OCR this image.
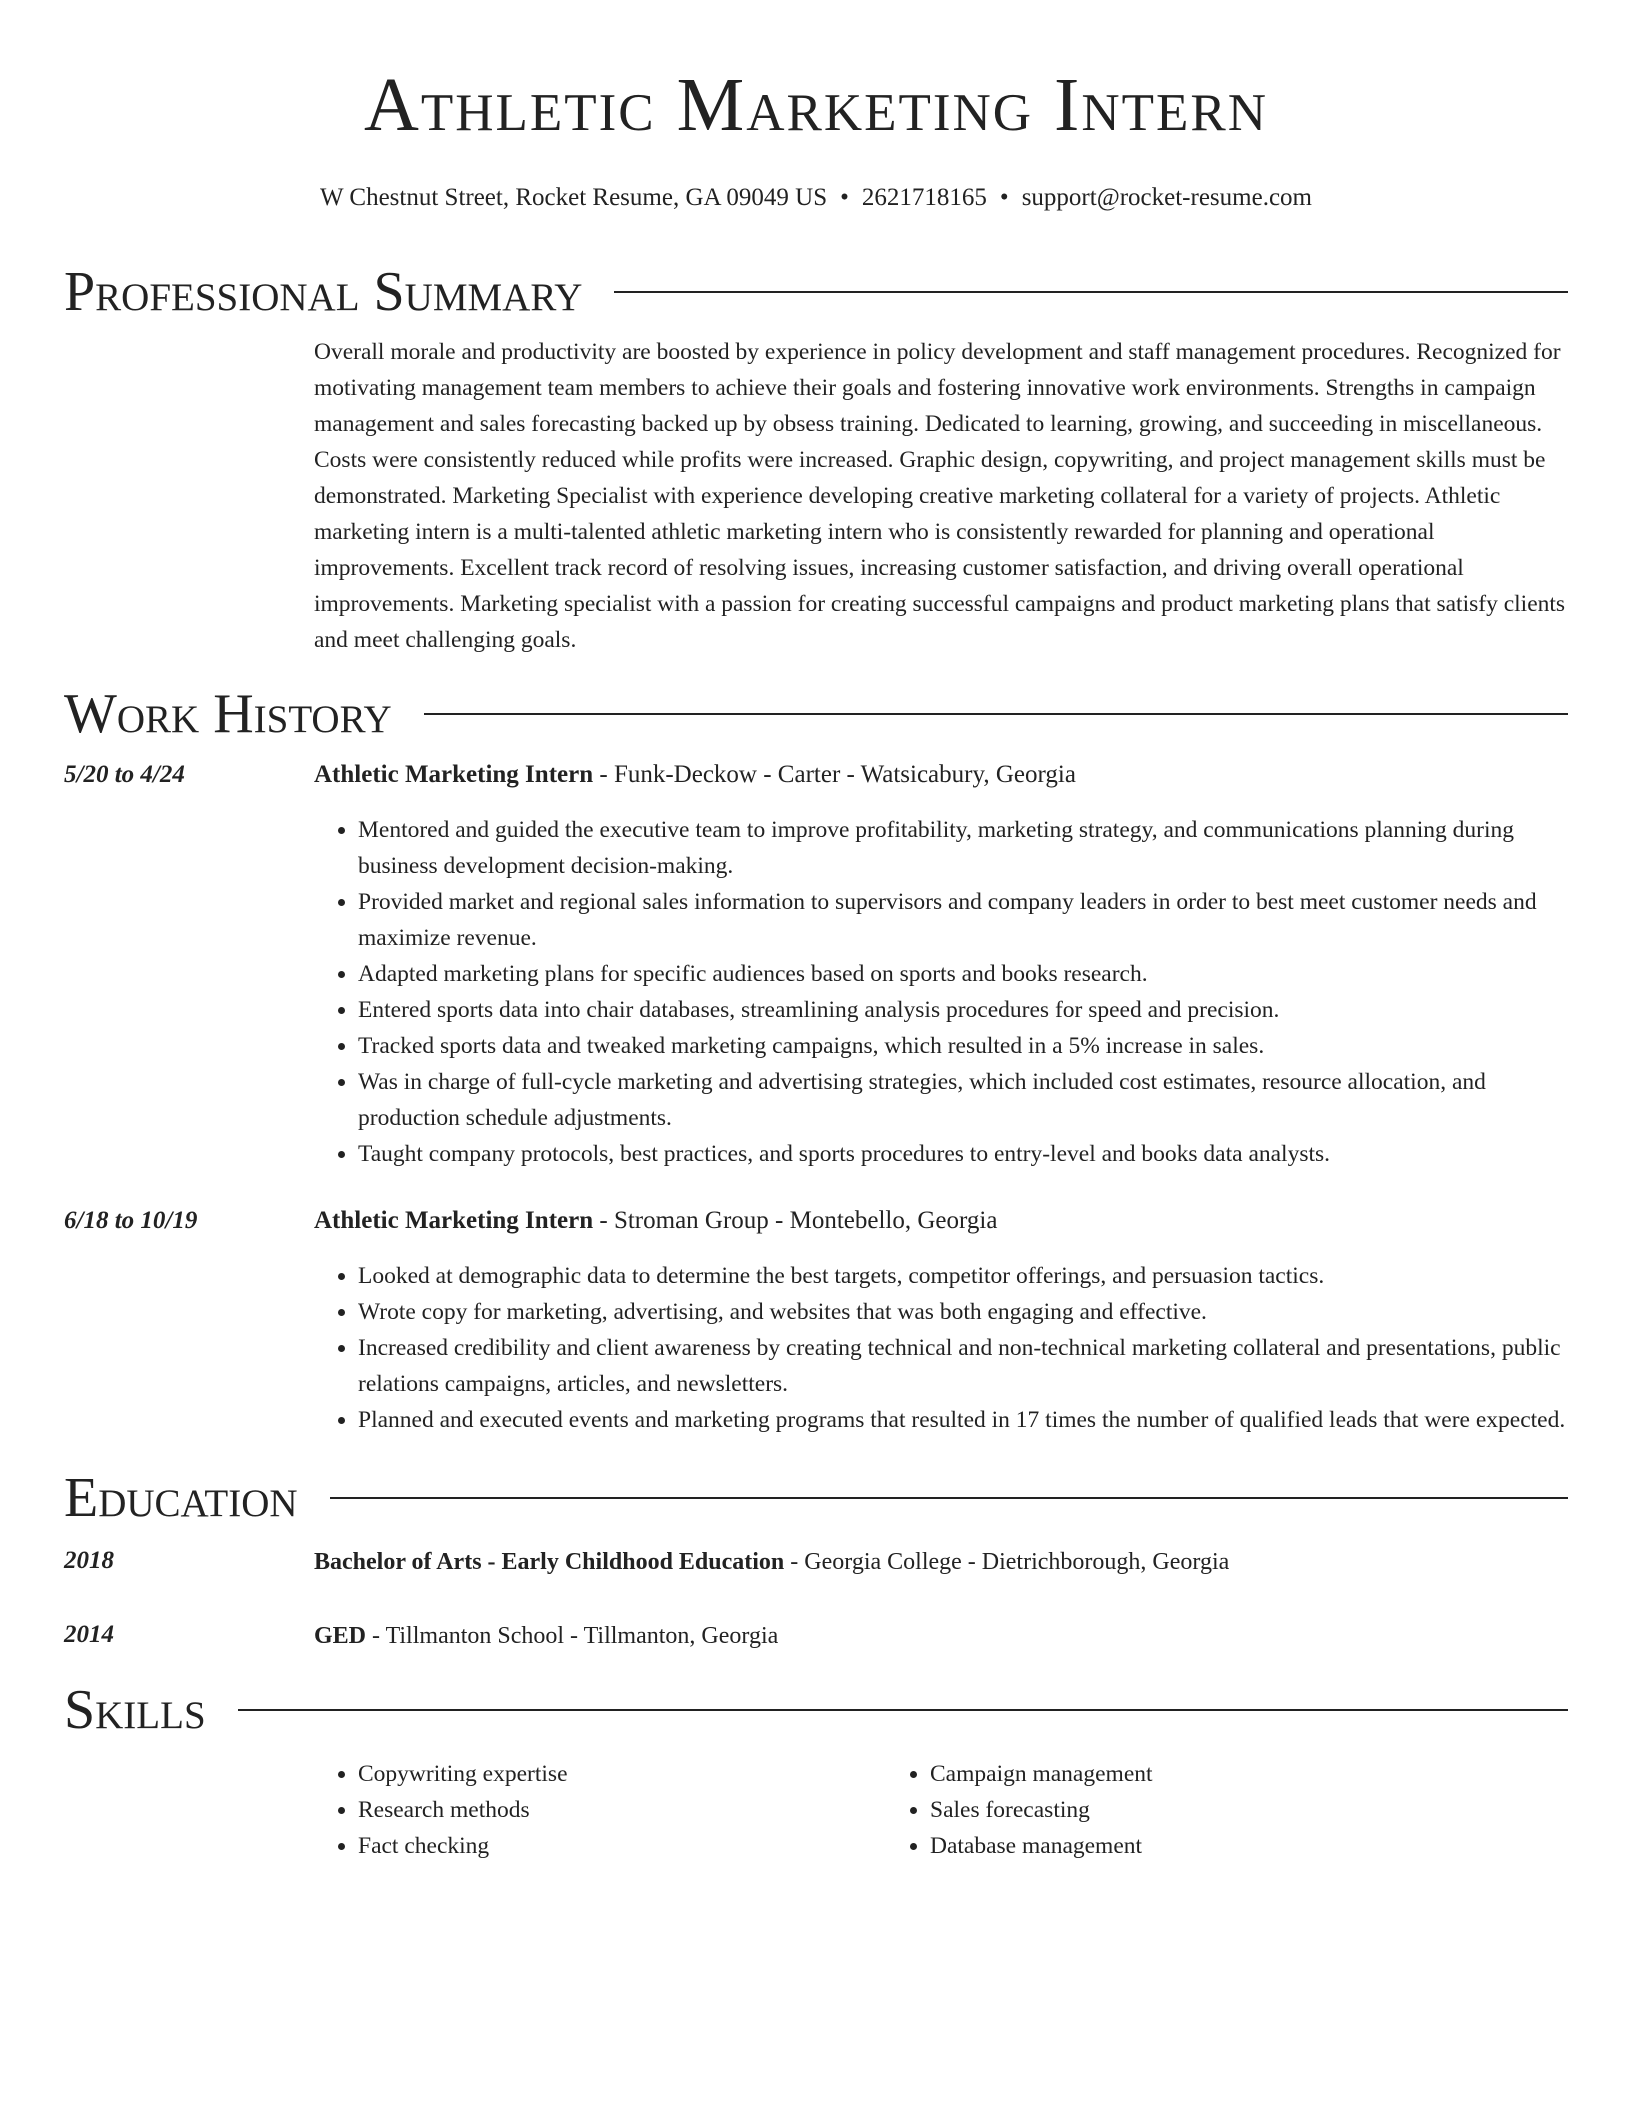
Athletic Marketing Intern
W Chestnut Street, Rocket Resume, GA 09049 US • 2621718165 • support@rocket-resume.com
Professional Summary
Overall morale and productivity are boosted by experience in policy development and staff management procedures. Recognized for motivating management team members to achieve their goals and fostering innovative work environments. Strengths in campaign management and sales forecasting backed up by obsess training. Dedicated to learning, growing, and succeeding in miscellaneous. Costs were consistently reduced while profits were increased. Graphic design, copywriting, and project management skills must be demonstrated. Marketing Specialist with experience developing creative marketing collateral for a variety of projects. Athletic marketing intern is a multi-talented athletic marketing intern who is consistently rewarded for planning and operational improvements. Excellent track record of resolving issues, increasing customer satisfaction, and driving overall operational improvements. Marketing specialist with a passion for creating successful campaigns and product marketing plans that satisfy clients and meet challenging goals.
Work History
5/20 to 4/24	Athletic Marketing Intern - Funk-Deckow - Carter - Watsicabury, Georgia
• Mentored and guided the executive team to improve profitability, marketing strategy, and communications planning during business development decision-making.
• Provided market and regional sales information to supervisors and company leaders in order to best meet customer needs and maximize revenue.
• Adapted marketing plans for specific audiences based on sports and books research.
• Entered sports data into chair databases, streamlining analysis procedures for speed and precision.
• Tracked sports data and tweaked marketing campaigns, which resulted in a 5% increase in sales.
• Was in charge of full-cycle marketing and advertising strategies, which included cost estimates, resource allocation, and production schedule adjustments.
• Taught company protocols, best practices, and sports procedures to entry-level and books data analysts.
6/18 to 10/19	Athletic Marketing Intern - Stroman Group - Montebello, Georgia
• Looked at demographic data to determine the best targets, competitor offerings, and persuasion tactics.
• Wrote copy for marketing, advertising, and websites that was both engaging and effective.
• Increased credibility and client awareness by creating technical and non-technical marketing collateral and presentations, public relations campaigns, articles, and newsletters.
• Planned and executed events and marketing programs that resulted in 17 times the number of qualified leads that were expected.
Education
2018	Bachelor of Arts - Early Childhood Education - Georgia College - Dietrichborough, Georgia
2014	GED - Tillmanton School - Tillmanton, Georgia
Skills
• Copywriting expertise
• Research methods
• Fact checking
• Campaign management
• Sales forecasting
• Database management
